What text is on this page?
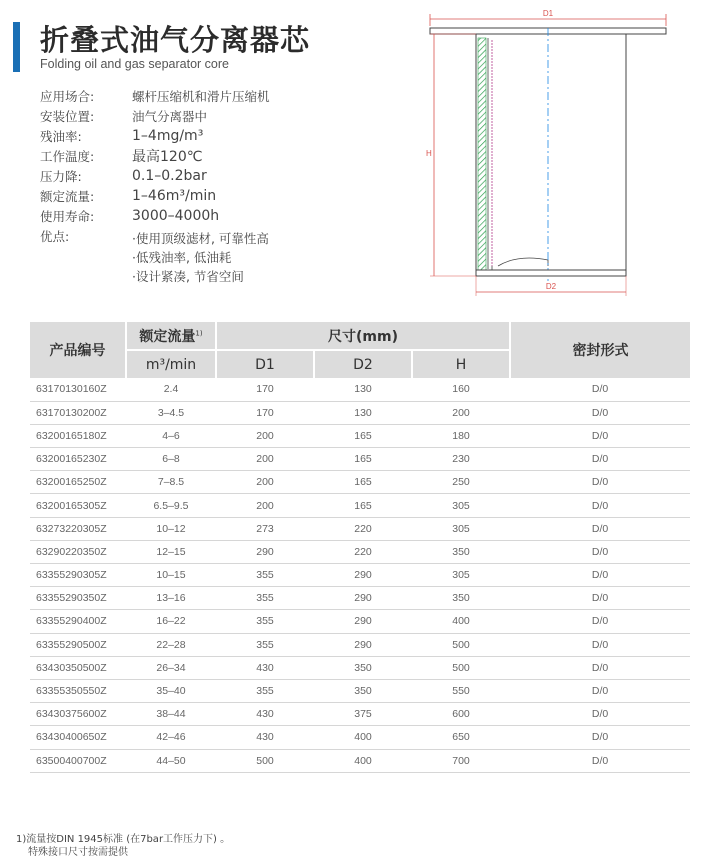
折叠式油气分离器芯
Folding oil and gas separator core
应用场合:	螺杆压缩机和滑片压缩机
安装位置:	油气分离器中
残油率:	1–4mg/m³
工作温度:	最高120℃
压力降:	0.1–0.2bar
额定流量:	1–46m³/min
使用寿命:	3000–4000h
优点:	·使用顶级滤材, 可靠性高
·低残油率, 低油耗
·设计紧凑, 节省空间
D1
H
D2
产品编号	额定流量$^{1)}$	尺寸(mm)			密封形式
	m³/min	D1	D2	H	
63170130160Z	2.4	170	130	160	D/0
63170130200Z	3–4.5	170	130	200	D/0
63200165180Z	4–6	200	165	180	D/0
63200165230Z	6–8	200	165	230	D/0
63200165250Z	7–8.5	200	165	250	D/0
63200165305Z	6.5–9.5	200	165	305	D/0
63273220305Z	10–12	273	220	305	D/0
63290220350Z	12–15	290	220	350	D/0
63355290305Z	10–15	355	290	305	D/0
63355290350Z	13–16	355	290	350	D/0
63355290400Z	16–22	355	290	400	D/0
63355290500Z	22–28	355	290	500	D/0
63430350500Z	26–34	430	350	500	D/0
63355350550Z	35–40	355	350	550	D/0
63430375600Z	38–44	430	375	600	D/0
63430400650Z	42–46	430	400	650	D/0
63500400700Z	44–50	500	400	700	D/0
1)流量按DIN 1945标准 (在7bar工作压力下) 。
特殊接口尺寸按需提供
